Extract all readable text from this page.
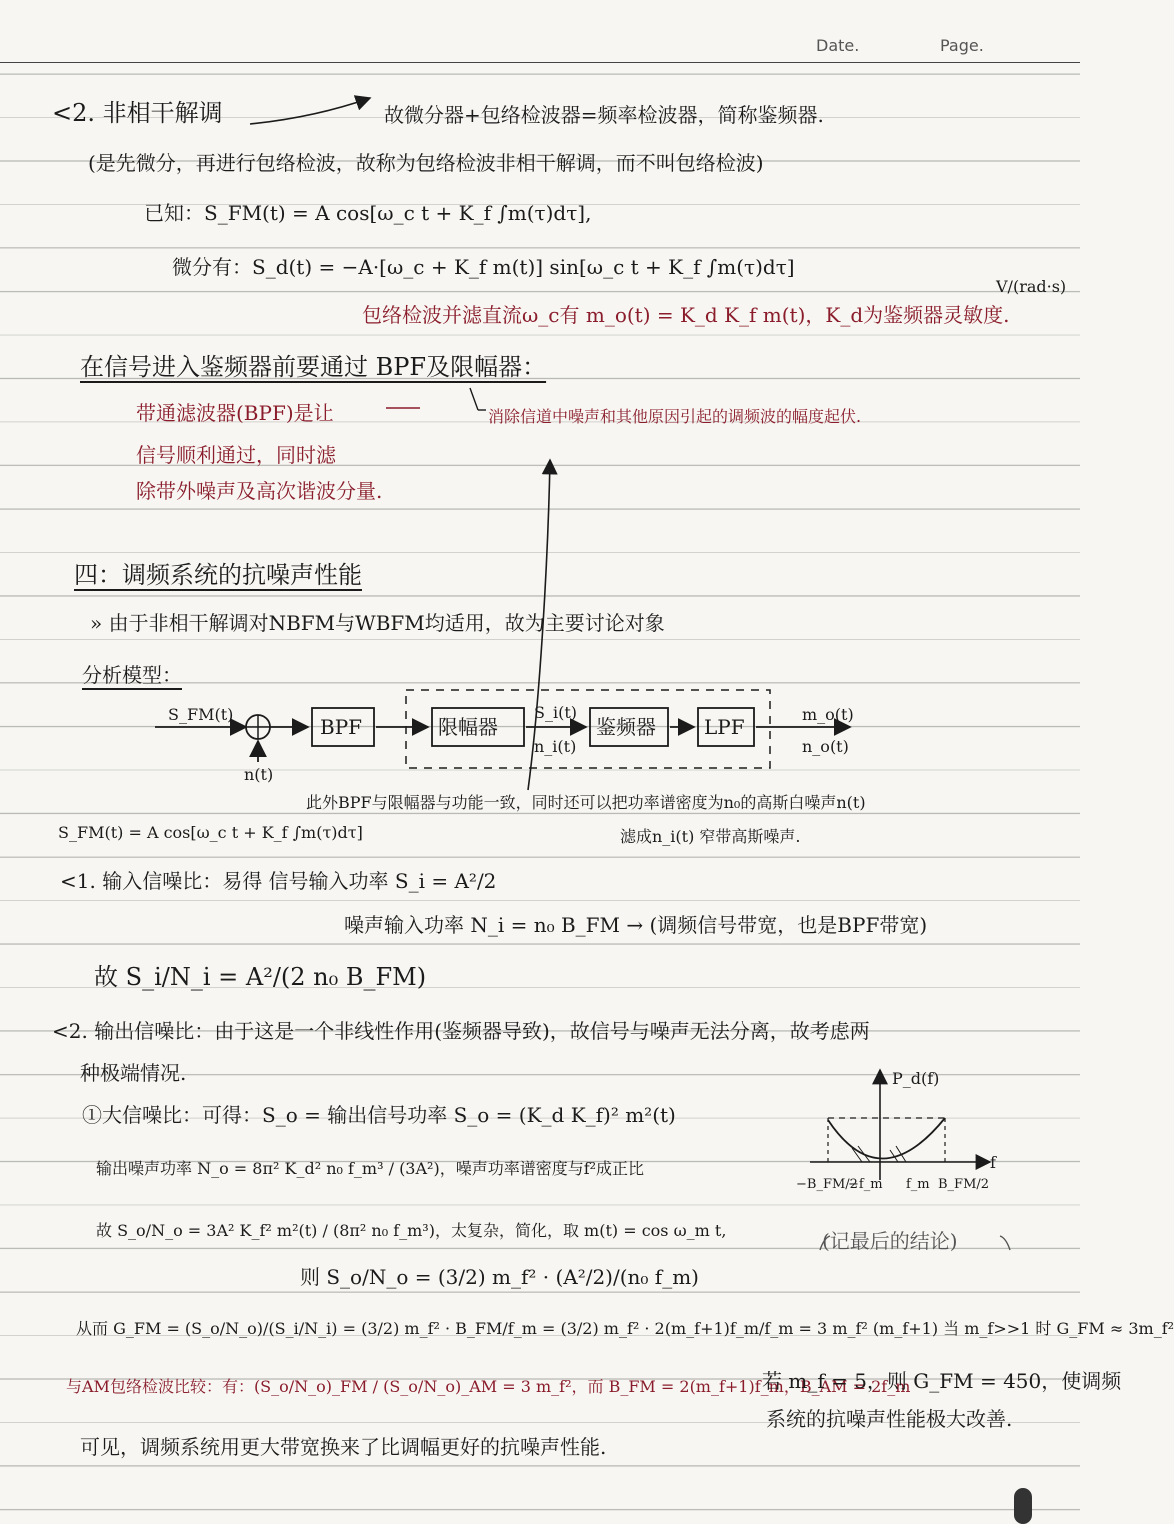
Date.	Page.
<2. 非相干解调	故微分器+包络检波器=频率检波器，简称鉴频器.
(是先微分，再进行包络检波，故称为包络检波非相干解调，而不叫包络检波)
已知：S_FM(t) = A cos[ω_c t + K_f ∫m(τ)dτ],
微分有：S_d(t) = −A·[ω_c + K_f m(t)] sin[ω_c t + K_f ∫m(τ)dτ]
V/(rad·s)
包络检波并滤直流ω_c有 m_o(t) = K_d K_f m(t)，K_d为鉴频器灵敏度.
在信号进入鉴频器前要通过 BPF及限幅器：
带通滤波器(BPF)是让
信号顺利通过，同时滤
除带外噪声及高次谐波分量.
消除信道中噪声和其他原因引起的调频波的幅度起伏.
四：调频系统的抗噪声性能
» 由于非相干解调对NBFM与WBFM均适用，故为主要讨论对象
分析模型：
S_FM(t)
n(t)
BPF	限幅器
S_i(t)
n_i(t)
鉴频器 LPF
m_o(t)
n_o(t)
S_FM(t) = A cos[ω_c t + K_f ∫m(τ)dτ]
此外BPF与限幅器与功能一致，同时还可以把功率谱密度为n₀的高斯白噪声n(t)
滤成n_i(t) 窄带高斯噪声.
<1. 输入信噪比：易得 信号输入功率 S_i = A²/2
噪声输入功率 N_i = n₀ B_FM → (调频信号带宽，也是BPF带宽)
故 S_i/N_i = A²/(2 n₀ B_FM)
<2. 输出信噪比：由于这是一个非线性作用(鉴频器导致)，故信号与噪声无法分离，故考虑两
种极端情况.
①大信噪比：可得：S_o = 输出信号功率 S_o = (K_d K_f)² m²(t)
输出噪声功率 N_o = 8π² K_d² n₀ f_m³ / (3A²)，噪声功率谱密度与f²成正比
故 S_o/N_o = 3A² K_f² m²(t) / (8π² n₀ f_m³)，太复杂，简化，取 m(t) = cos ω_m t,
则 S_o/N_o = (3/2) m_f² · (A²/2)/(n₀ f_m)
(记最后的结论)
从而 G_FM = (S_o/N_o)/(S_i/N_i) = (3/2) m_f² · B_FM/f_m = (3/2) m_f² · 2(m_f+1)f_m/f_m = 3 m_f² (m_f+1) 当 m_f>>1 时 G_FM ≈ 3m_f²
与AM包络检波比较：有：(S_o/N_o)_FM / (S_o/N_o)_AM = 3 m_f²，而 B_FM = 2(m_f+1)f_m，B_AM = 2f_m
若 m_f = 5，则 G_FM = 450，使调频
系统的抗噪声性能极大改善.
可见，调频系统用更大带宽换来了比调幅更好的抗噪声性能.
P_d(f)
−B_FM/2
−f_m f_m B_FM/2
f
